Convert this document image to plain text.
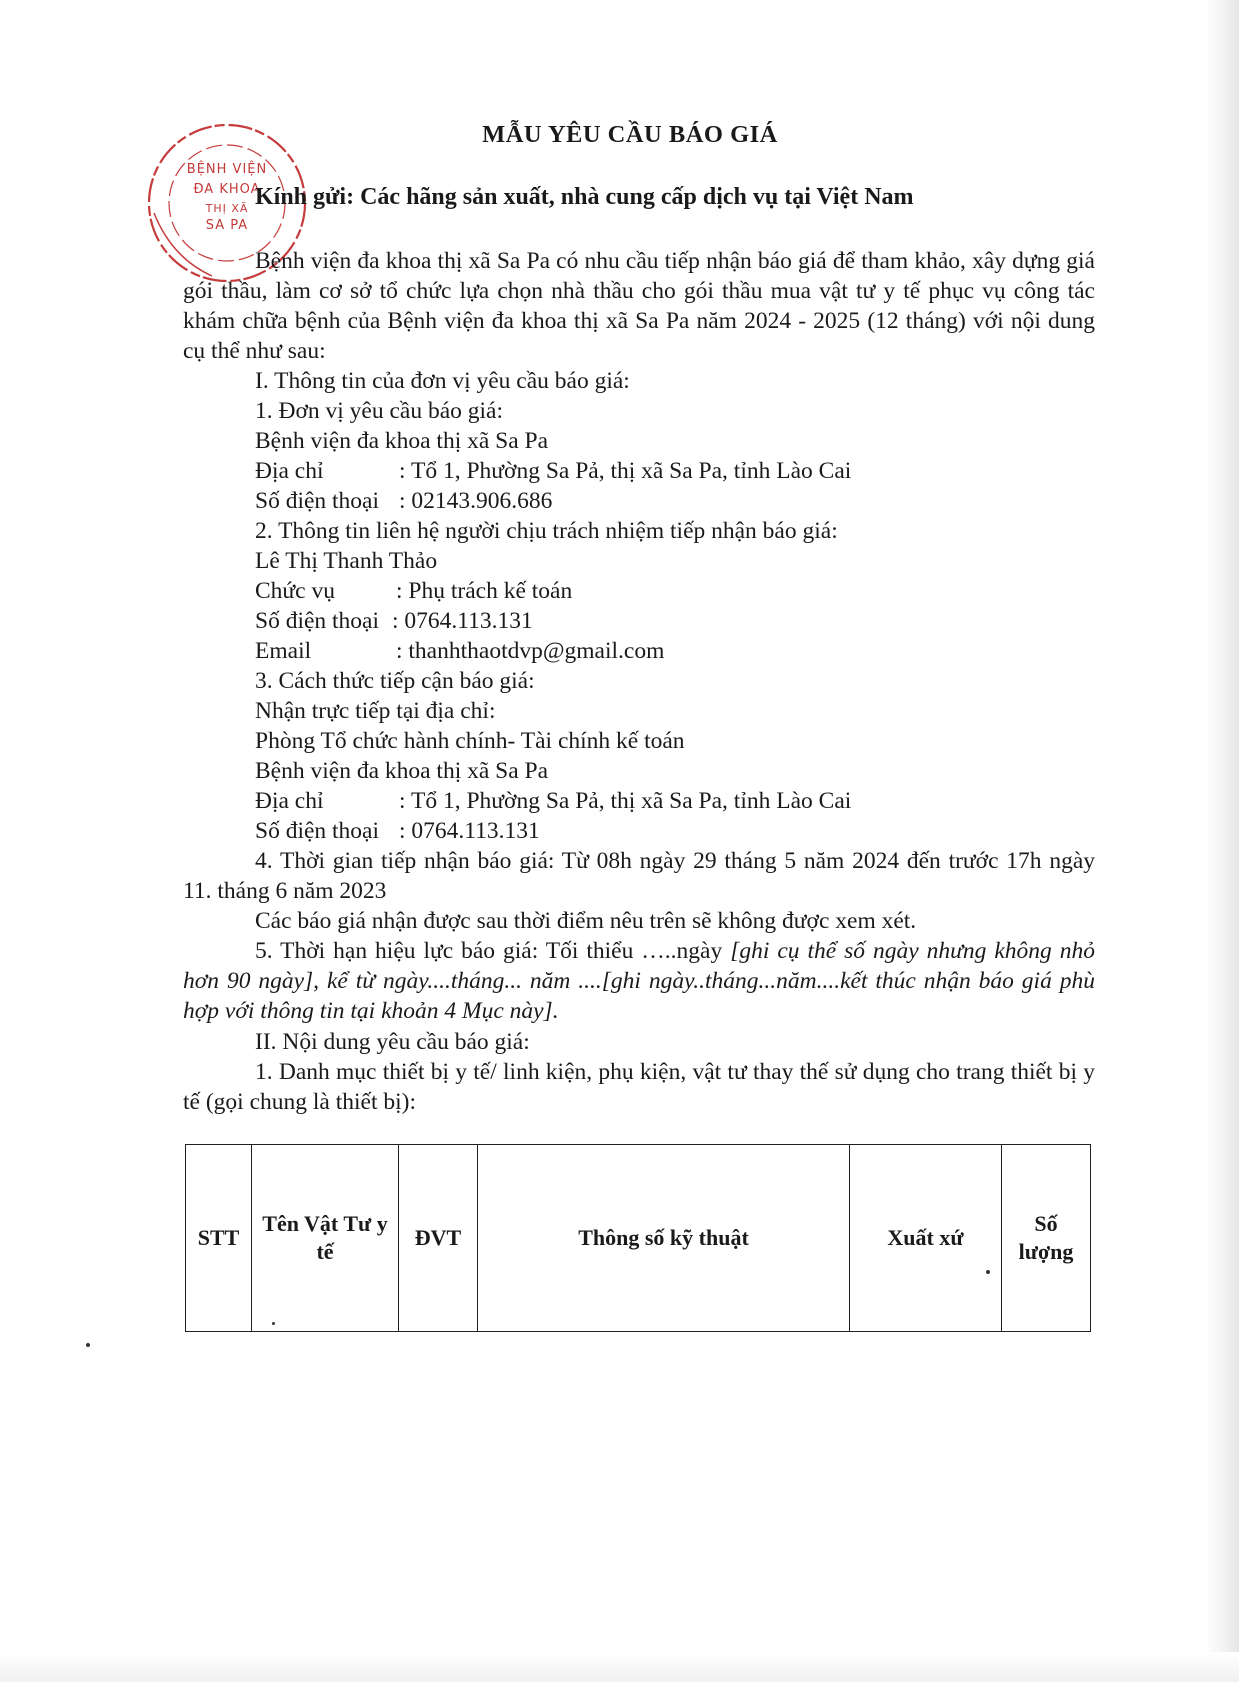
BỆNH VIỆN
ĐA KHOA
THỊ XÃ
SA PA
MẪU YÊU CẦU BÁO GIÁ
Kính gửi: Các hãng sản xuất, nhà cung cấp dịch vụ tại Việt Nam
Bệnh viện đa khoa thị xã Sa Pa có nhu cầu tiếp nhận báo giá để tham khảo, xây dựng giá gói thầu, làm cơ sở tổ chức lựa chọn nhà thầu cho gói thầu mua vật tư y tế phục vụ công tác khám chữa bệnh của Bệnh viện đa khoa thị xã Sa Pa năm 2024 - 2025 (12 tháng) với nội dung cụ thể như sau:
I. Thông tin của đơn vị yêu cầu báo giá:
1. Đơn vị yêu cầu báo giá:
Bệnh viện đa khoa thị xã Sa Pa
Địa chỉ	: Tổ 1, Phường Sa Pả, thị xã Sa Pa, tỉnh Lào Cai
Số điện thoại : 02143.906.686
2. Thông tin liên hệ người chịu trách nhiệm tiếp nhận báo giá:
Lê Thị Thanh Thảo
Chức vụ	: Phụ trách kế toán
Số điện thoại : 0764.113.131
Email	: thanhthaotdvp@gmail.com
3. Cách thức tiếp cận báo giá:
Nhận trực tiếp tại địa chỉ:
Phòng Tổ chức hành chính- Tài chính kế toán
Bệnh viện đa khoa thị xã Sa Pa
Địa chỉ	: Tổ 1, Phường Sa Pả, thị xã Sa Pa, tỉnh Lào Cai
Số điện thoại : 0764.113.131
4. Thời gian tiếp nhận báo giá: Từ 08h ngày 29 tháng 5 năm 2024 đến trước 17h ngày 11. tháng 6 năm 2023
Các báo giá nhận được sau thời điểm nêu trên sẽ không được xem xét.
5. Thời hạn hiệu lực báo giá: Tối thiểu …..ngày [ghi cụ thể số ngày nhưng không nhỏ hơn 90 ngày], kể từ ngày....tháng... năm ....[ghi ngày..tháng...năm....kết thúc nhận báo giá phù hợp với thông tin tại khoản 4 Mục này].
II. Nội dung yêu cầu báo giá:
1. Danh mục thiết bị y tế/ linh kiện, phụ kiện, vật tư thay thế sử dụng cho trang thiết bị y tế (gọi chung là thiết bị):
STT	Tên Vật Tư y tế	ĐVT	Thông số kỹ thuật	Xuất xứ	Số lượng
